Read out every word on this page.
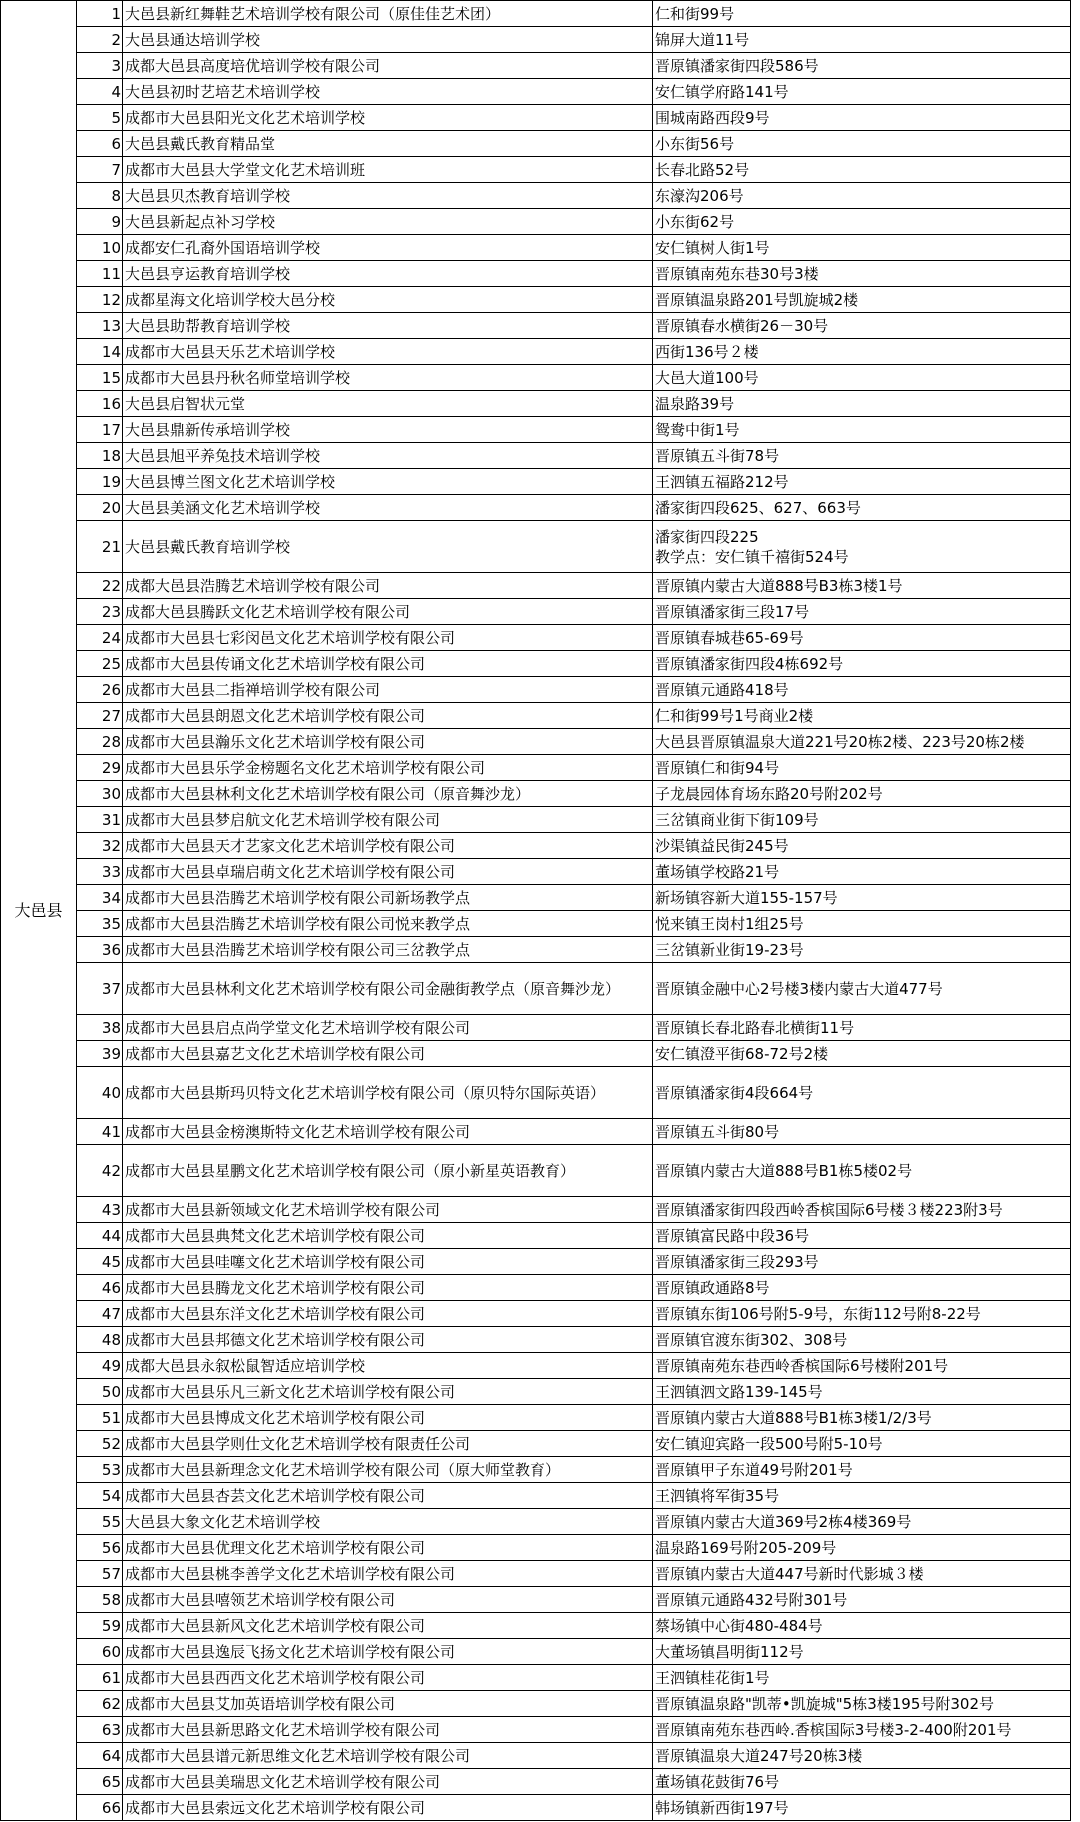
大邑县	1	大邑县新红舞鞋艺术培训学校有限公司（原佳佳艺术团）	仁和街99号

	2	大邑县通达培训学校	锦屏大道11号

	3	成都大邑县高度培优培训学校有限公司	晋原镇潘家街四段586号

	4	大邑县初时艺培艺术培训学校	安仁镇学府路141号

	5	成都市大邑县阳光文化艺术培训学校	围城南路西段9号

	6	大邑县戴氏教育精品堂	小东街56号

	7	成都市大邑县大学堂文化艺术培训班	长春北路52号

	8	大邑县贝杰教育培训学校	东濠沟206号

	9	大邑县新起点补习学校	小东街62号

	10	成都安仁孔裔外国语培训学校	安仁镇树人街1号

	11	大邑县亨运教育培训学校	晋原镇南苑东巷30号3楼

	12	成都星海文化培训学校大邑分校	晋原镇温泉路201号凯旋城2楼

	13	大邑县助帮教育培训学校	晋原镇春水横街26－30号

	14	成都市大邑县天乐艺术培训学校	西街136号２楼

	15	成都市大邑县丹秋名师堂培训学校	大邑大道100号

	16	大邑县启智状元堂	温泉路39号

	17	大邑县鼎新传承培训学校	鸳鸯中街1号

	18	大邑县旭平养兔技术培训学校	晋原镇五斗街78号

	19	大邑县博兰图文化艺术培训学校	王泗镇五福路212号

	20	大邑县美涵文化艺术培训学校	潘家街四段625、627、663号

	21	大邑县戴氏教育培训学校	潘家街四段225
教学点：安仁镇千禧街524号

	22	成都大邑县浩腾艺术培训学校有限公司	晋原镇内蒙古大道888号B3栋3楼1号

	23	成都大邑县腾跃文化艺术培训学校有限公司	晋原镇潘家街三段17号

	24	成都市大邑县七彩闵邑文化艺术培训学校有限公司	晋原镇春城巷65-69号

	25	成都市大邑县传诵文化艺术培训学校有限公司	晋原镇潘家街四段4栋692号

	26	成都市大邑县二指禅培训学校有限公司	晋原镇元通路418号

	27	成都市大邑县朗恩文化艺术培训学校有限公司	仁和街99号1号商业2楼

	28	成都市大邑县瀚乐文化艺术培训学校有限公司	大邑县晋原镇温泉大道221号20栋2楼、223号20栋2楼

	29	成都市大邑县乐学金榜题名文化艺术培训学校有限公司	晋原镇仁和街94号

	30	成都市大邑县林利文化艺术培训学校有限公司（原音舞沙龙）	子龙晨园体育场东路20号附202号

	31	成都市大邑县梦启航文化艺术培训学校有限公司	三岔镇商业街下街109号

	32	成都市大邑县天才艺家文化艺术培训学校有限公司	沙渠镇益民街245号

	33	成都市大邑县卓瑞启萌文化艺术培训学校有限公司	董场镇学校路21号

	34	成都市大邑县浩腾艺术培训学校有限公司新场教学点	新场镇容新大道155-157号

	35	成都市大邑县浩腾艺术培训学校有限公司悦来教学点	悦来镇王岗村1组25号

	36	成都市大邑县浩腾艺术培训学校有限公司三岔教学点	三岔镇新业街19-23号

	37	成都市大邑县林利文化艺术培训学校有限公司金融街教学点（原音舞沙龙）	晋原镇金融中心2号楼3楼内蒙古大道477号

	38	成都市大邑县启点尚学堂文化艺术培训学校有限公司	晋原镇长春北路春北横街11号

	39	成都市大邑县嘉艺文化艺术培训学校有限公司	安仁镇澄平街68-72号2楼

	40	成都市大邑县斯玛贝特文化艺术培训学校有限公司（原贝特尔国际英语）	晋原镇潘家街4段664号

	41	成都市大邑县金榜澳斯特文化艺术培训学校有限公司	晋原镇五斗街80号

	42	成都市大邑县星鹏文化艺术培训学校有限公司（原小新星英语教育）	晋原镇内蒙古大道888号B1栋5楼02号

	43	成都市大邑县新领域文化艺术培训学校有限公司	晋原镇潘家街四段西岭香槟国际6号楼３楼223附3号

	44	成都市大邑县典梵文化艺术培训学校有限公司	晋原镇富民路中段36号

	45	成都市大邑县哇噻文化艺术培训学校有限公司	晋原镇潘家街三段293号

	46	成都市大邑县腾龙文化艺术培训学校有限公司	晋原镇政通路8号

	47	成都市大邑县东洋文化艺术培训学校有限公司	晋原镇东街106号附5-9号，东街112号附8-22号

	48	成都市大邑县邦德文化艺术培训学校有限公司	晋原镇官渡东街302、308号

	49	成都大邑县永叙松鼠智适应培训学校	晋原镇南苑东巷西岭香槟国际6号楼附201号

	50	成都市大邑县乐凡三新文化艺术培训学校有限公司	王泗镇泗文路139-145号

	51	成都市大邑县博成文化艺术培训学校有限公司	晋原镇内蒙古大道888号B1栋3楼1/2/3号

	52	成都市大邑县学则仕文化艺术培训学校有限责任公司	安仁镇迎宾路一段500号附5-10号

	53	成都市大邑县新理念文化艺术培训学校有限公司（原大师堂教育）	晋原镇甲子东道49号附201号

	54	成都市大邑县杏芸文化艺术培训学校有限公司	王泗镇将军街35号

	55	大邑县大象文化艺术培训学校	晋原镇内蒙古大道369号2栋4楼369号

	56	成都市大邑县优理文化艺术培训学校有限公司	温泉路169号附205-209号

	57	成都市大邑县桃李善学文化艺术培训学校有限公司	晋原镇内蒙古大道447号新时代影城３楼

	58	成都市大邑县嘻领艺术培训学校有限公司	晋原镇元通路432号附301号

	59	成都市大邑县新风文化艺术培训学校有限公司	蔡场镇中心街480-484号

	60	成都市大邑县逸辰飞扬文化艺术培训学校有限公司	大董场镇昌明街112号

	61	成都市大邑县西西文化艺术培训学校有限公司	王泗镇桂花街1号

	62	成都市大邑县艾加英语培训学校有限公司	晋原镇温泉路"凯蒂•凯旋城"5栋3楼195号附302号

	63	成都市大邑县新思路文化艺术培训学校有限公司	晋原镇南苑东巷西岭.香槟国际3号楼3-2-400附201号

	64	成都市大邑县谱元新思维文化艺术培训学校有限公司	晋原镇温泉大道247号20栋3楼

	65	成都市大邑县美瑞思文化艺术培训学校有限公司	董场镇花鼓街76号

	66	成都市大邑县索远文化艺术培训学校有限公司	韩场镇新西街197号
